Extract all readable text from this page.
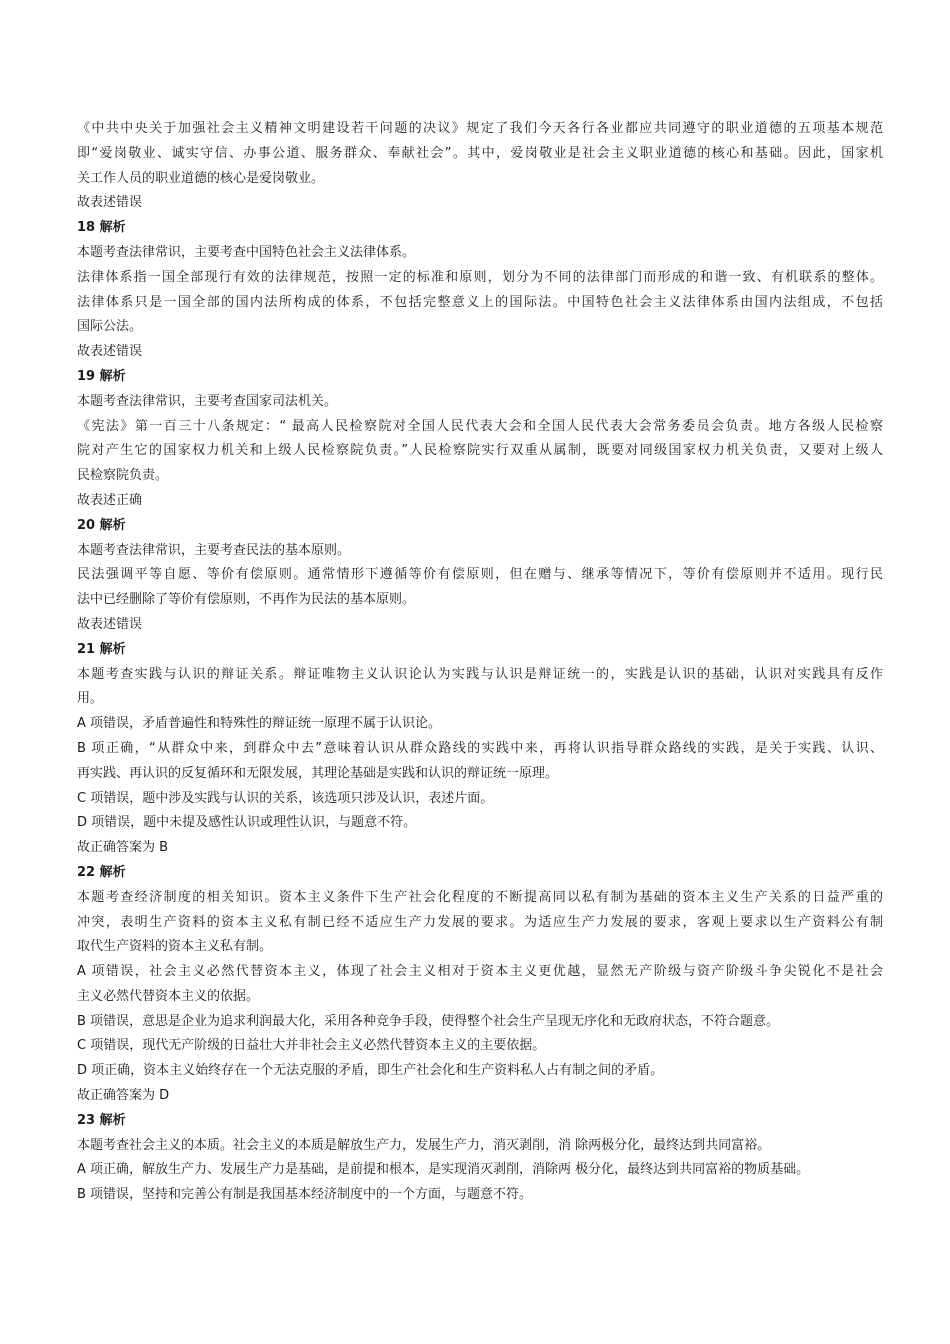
《中共中央关于加强社会主义精神文明建设若干问题的决议》规定了我们今天各行各业都应共同遵守的职业道德的五项基本规范
即“爱岗敬业、诚实守信、办事公道、服务群众、奉献社会”。其中，爱岗敬业是社会主义职业道德的核心和基础。因此，国家机
关工作人员的职业道德的核心是爱岗敬业。
故表述错误
18 解析
本题考查法律常识，主要考查中国特色社会主义法律体系。
法律体系指一国全部现行有效的法律规范，按照一定的标准和原则，划分为不同的法律部门而形成的和谐一致、有机联系的整体。
法律体系只是一国全部的国内法所构成的体系，不包括完整意义上的国际法。中国特色社会主义法律体系由国内法组成，不包括
国际公法。
故表述错误
19 解析
本题考查法律常识，主要考查国家司法机关。
《宪法》第一百三十八条规定：“ 最高人民检察院对全国人民代表大会和全国人民代表大会常务委员会负责。地方各级人民检察
院对产生它的国家权力机关和上级人民检察院负责。”人民检察院实行双重从属制，既要对同级国家权力机关负责，又要对上级人
民检察院负责。
故表述正确
20 解析
本题考查法律常识，主要考查民法的基本原则。
民法强调平等自愿、等价有偿原则。通常情形下遵循等价有偿原则，但在赠与、继承等情况下，等价有偿原则并不适用。现行民
法中已经删除了等价有偿原则，不再作为民法的基本原则。
故表述错误
21 解析
本题考查实践与认识的辩证关系。辩证唯物主义认识论认为实践与认识是辩证统一的，实践是认识的基础，认识对实践具有反作
用。
A 项错误，矛盾普遍性和特殊性的辩证统一原理不属于认识论。
B 项正确，“从群众中来，到群众中去”意味着认识从群众路线的实践中来，再将认识指导群众路线的实践，是关于实践、认识、
再实践、再认识的反复循环和无限发展，其理论基础是实践和认识的辩证统一原理。
C 项错误，题中涉及实践与认识的关系，该选项只涉及认识，表述片面。
D 项错误，题中未提及感性认识或理性认识，与题意不符。
故正确答案为 B
22 解析
本题考查经济制度的相关知识。资本主义条件下生产社会化程度的不断提高同以私有制为基础的资本主义生产关系的日益严重的
冲突，表明生产资料的资本主义私有制已经不适应生产力发展的要求。为适应生产力发展的要求，客观上要求以生产资料公有制
取代生产资料的资本主义私有制。
A 项错误，社会主义必然代替资本主义，体现了社会主义相对于资本主义更优越，显然无产阶级与资产阶级斗争尖锐化不是社会
主义必然代替资本主义的依据。
B 项错误，意思是企业为追求利润最大化，采用各种竞争手段，使得整个社会生产呈现无序化和无政府状态，不符合题意。
C 项错误，现代无产阶级的日益壮大并非社会主义必然代替资本主义的主要依据。
D 项正确，资本主义始终存在一个无法克服的矛盾，即生产社会化和生产资料私人占有制之间的矛盾。
故正确答案为 D
23 解析
本题考查社会主义的本质。社会主义的本质是解放生产力，发展生产力，消灭剥削，消 除两极分化，最终达到共同富裕。
A 项正确，解放生产力、发展生产力是基础，是前提和根本，是实现消灭剥削，消除两 极分化，最终达到共同富裕的物质基础。
B 项错误，坚持和完善公有制是我国基本经济制度中的一个方面，与题意不符。
